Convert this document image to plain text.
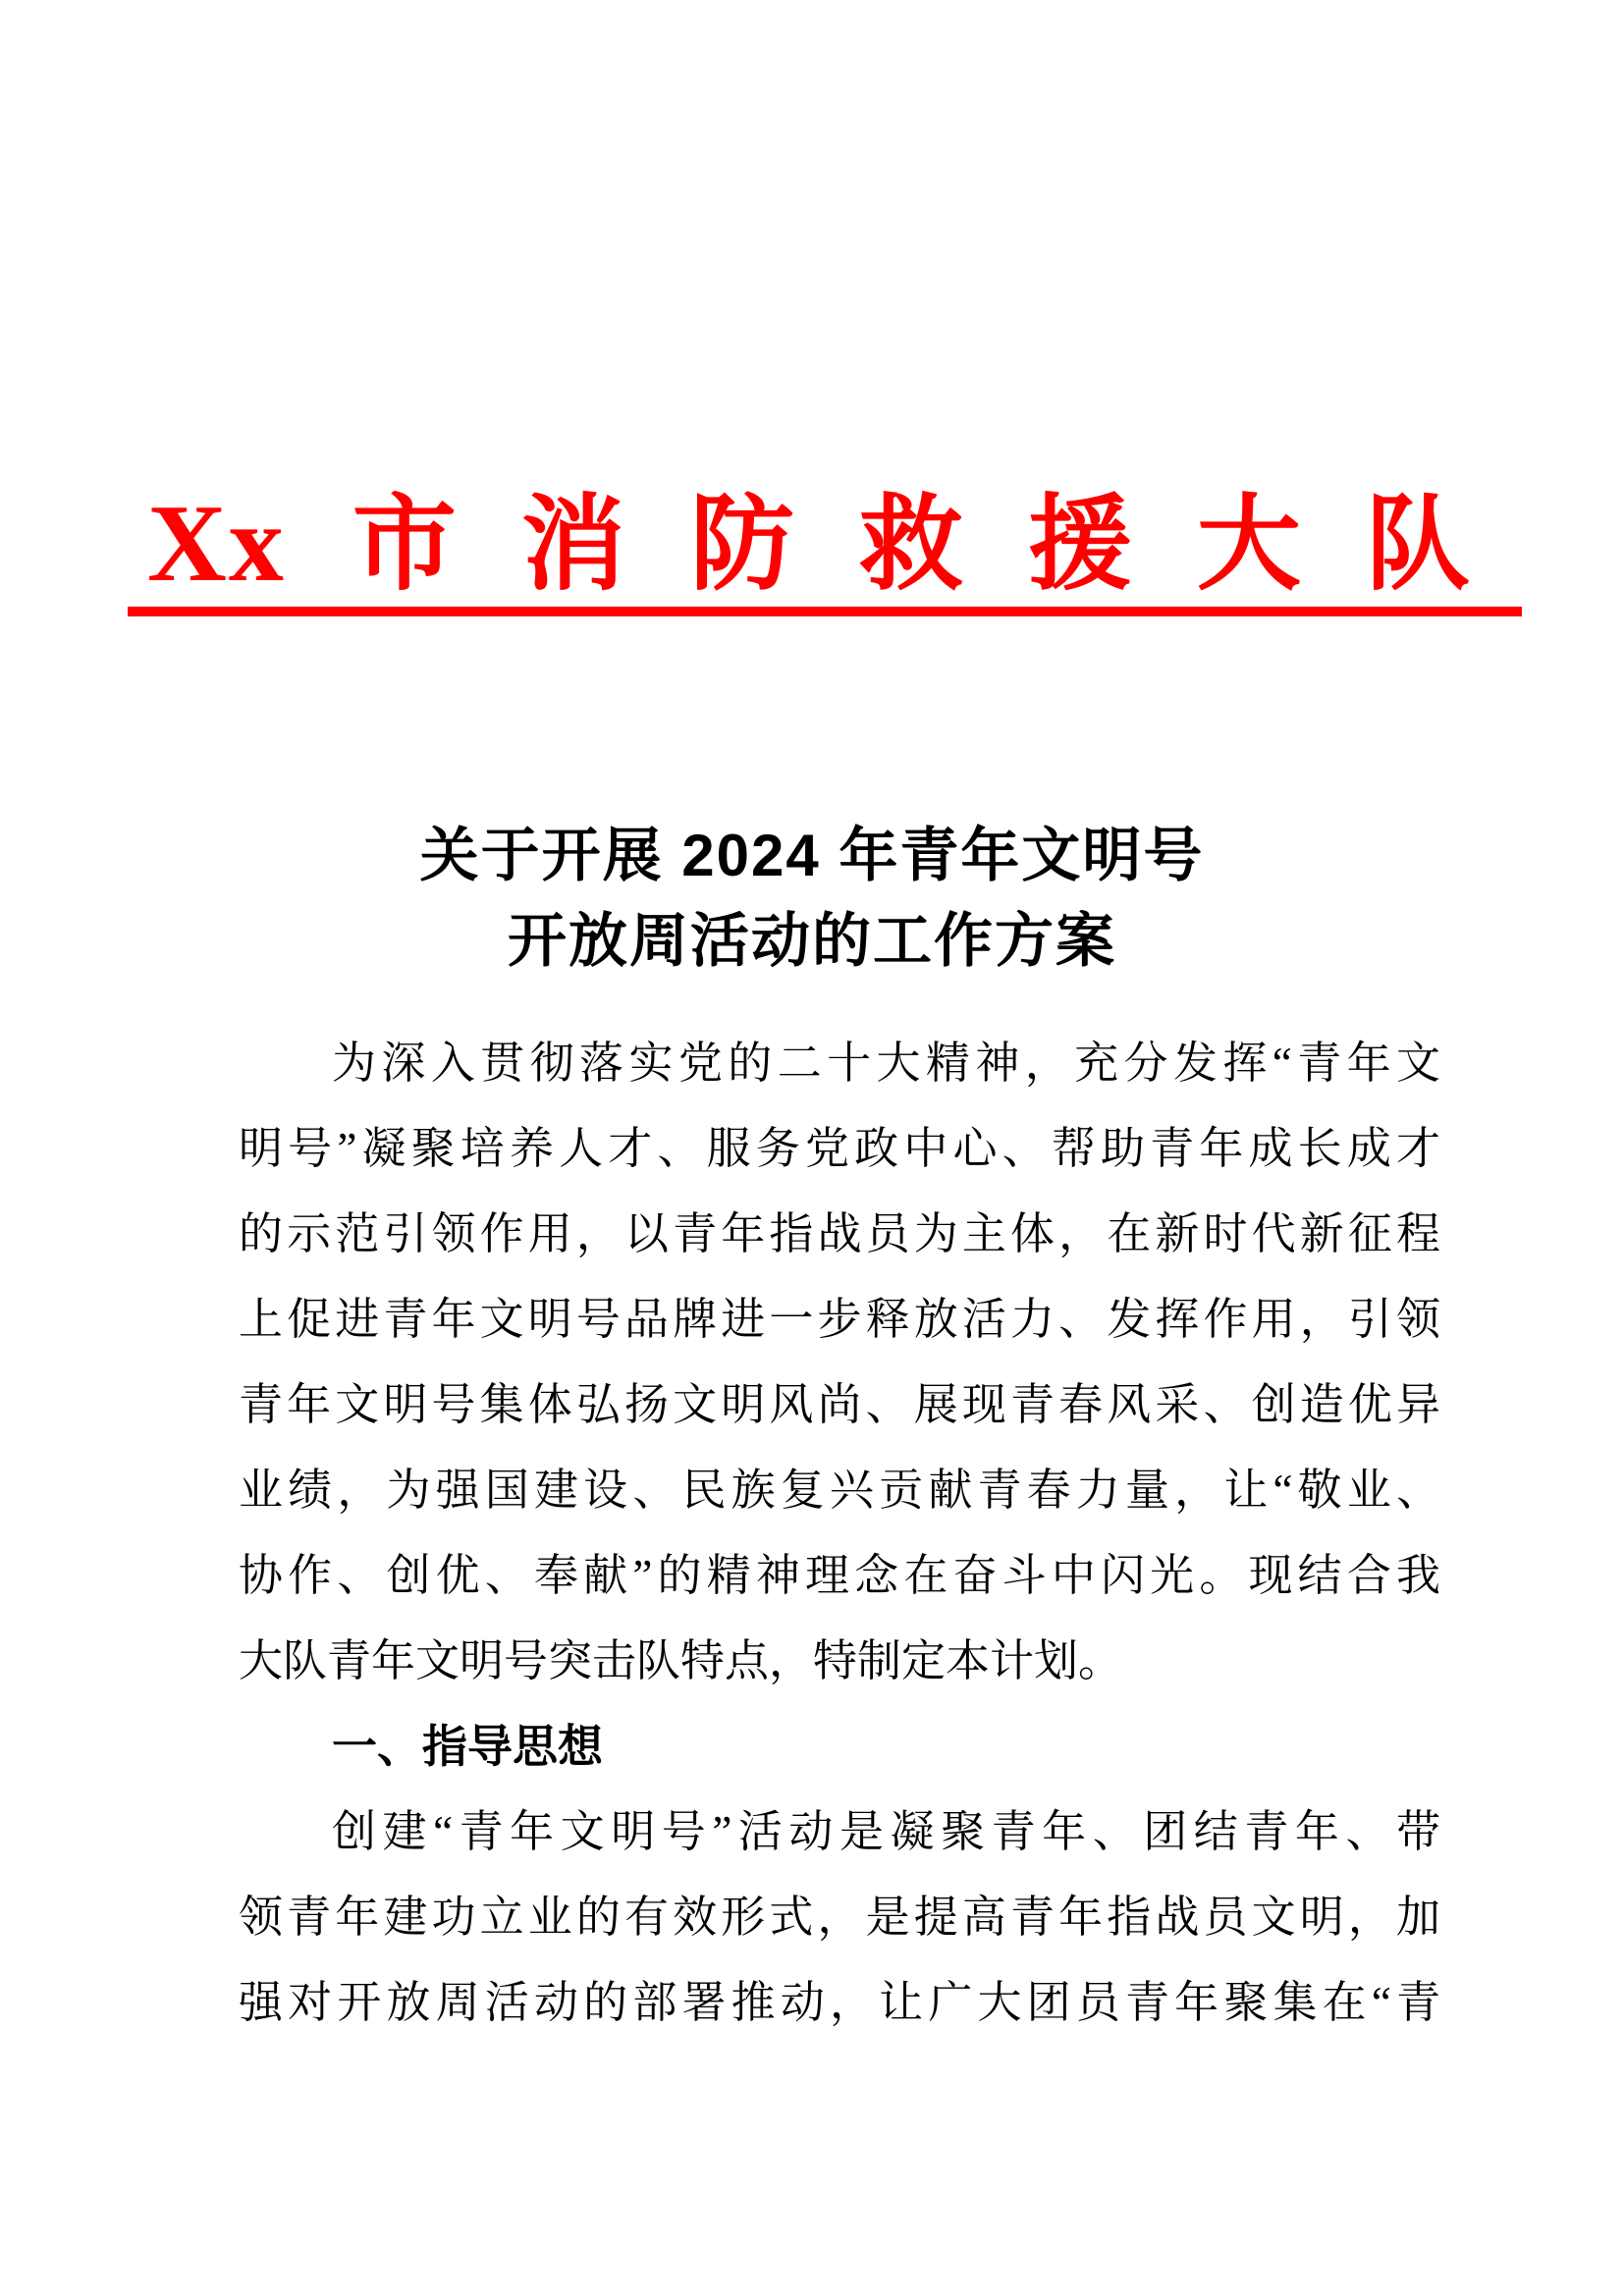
Xx 市消防救援大队
关于开展 2024 年青年文明号
开放周活动的工作方案
为深入贯彻落实党的二十大精神，充分发挥“青年文
明号”凝聚培养人才、服务党政中心、帮助青年成长成才
的示范引领作用，以青年指战员为主体，在新时代新征程
上促进青年文明号品牌进一步释放活力、发挥作用，引领
青年文明号集体弘扬文明风尚、展现青春风采、创造优异
业绩，为强国建设、民族复兴贡献青春力量，让“敬业、
协作、创优、奉献”的精神理念在奋斗中闪光。现结合我
大队青年文明号突击队特点，特制定本计划。
一、指导思想
创建“青年文明号”活动是凝聚青年、团结青年、带
领青年建功立业的有效形式，是提高青年指战员文明，加
强对开放周活动的部署推动，让广大团员青年聚集在“青
